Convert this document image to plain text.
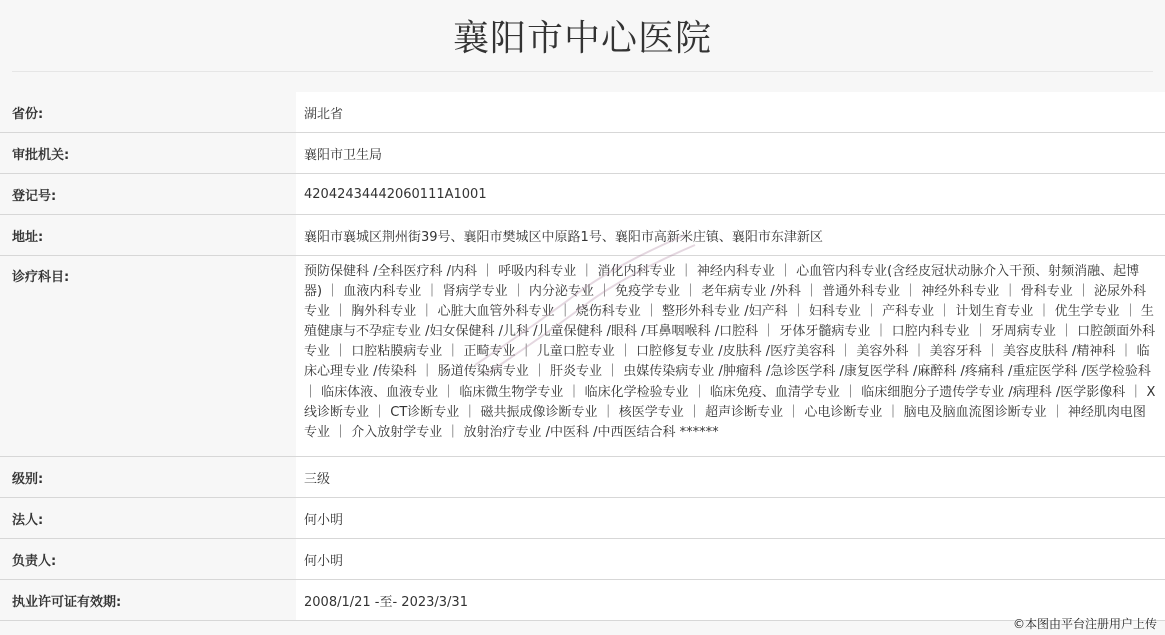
襄阳市中心医院
省份:	湖北省
审批机关:	襄阳市卫生局
登记号:	42042434442060111A1001
地址:	襄阳市襄城区荆州街39号、襄阳市樊城区中原路1号、襄阳市高新米庄镇、襄阳市东津新区
诊疗科目:	预防保健科 /全科医疗科 /内科 ｜ 呼吸内科专业 ｜ 消化内科专业 ｜ 神经内科专业 ｜ 心血管内科专业(含经皮冠状动脉介入干预、射频消融、起博器) ｜ 血液内科专业 ｜ 肾病学专业 ｜ 内分泌专业 ｜ 免疫学专业 ｜ 老年病专业 /外科 ｜ 普通外科专业 ｜ 神经外科专业 ｜ 骨科专业 ｜ 泌尿外科专业 ｜ 胸外科专业 ｜ 心脏大血管外科专业 ｜ 烧伤科专业 ｜ 整形外科专业 /妇产科 ｜ 妇科专业 ｜ 产科专业 ｜ 计划生育专业 ｜ 优生学专业 ｜ 生殖健康与不孕症专业 /妇女保健科 /儿科 /儿童保健科 /眼科 /耳鼻咽喉科 /口腔科 ｜ 牙体牙髓病专业 ｜ 口腔内科专业 ｜ 牙周病专业 ｜ 口腔颌面外科专业 ｜ 口腔粘膜病专业 ｜ 正畸专业 ｜ 儿童口腔专业 ｜ 口腔修复专业 /皮肤科 /医疗美容科 ｜ 美容外科 ｜ 美容牙科 ｜ 美容皮肤科 /精神科 ｜ 临床心理专业 /传染科 ｜ 肠道传染病专业 ｜ 肝炎专业 ｜ 虫媒传染病专业 /肿瘤科 /急诊医学科 /康复医学科 /麻醉科 /疼痛科 /重症医学科 /医学检验科 ｜ 临床体液、血液专业 ｜ 临床微生物学专业 ｜ 临床化学检验专业 ｜ 临床免疫、血清学专业 ｜ 临床细胞分子遗传学专业 /病理科 /医学影像科 ｜ X线诊断专业 ｜ CT诊断专业 ｜ 磁共振成像诊断专业 ｜ 核医学专业 ｜ 超声诊断专业 ｜ 心电诊断专业 ｜ 脑电及脑血流图诊断专业 ｜ 神经肌肉电图专业 ｜ 介入放射学专业 ｜ 放射治疗专业 /中医科 /中西医结合科 ******
级别:	三级
法人:	何小明
负责人:	何小明
执业许可证有效期:	2008/1/21 -至- 2023/3/31
©本图由平台注册用户上传
